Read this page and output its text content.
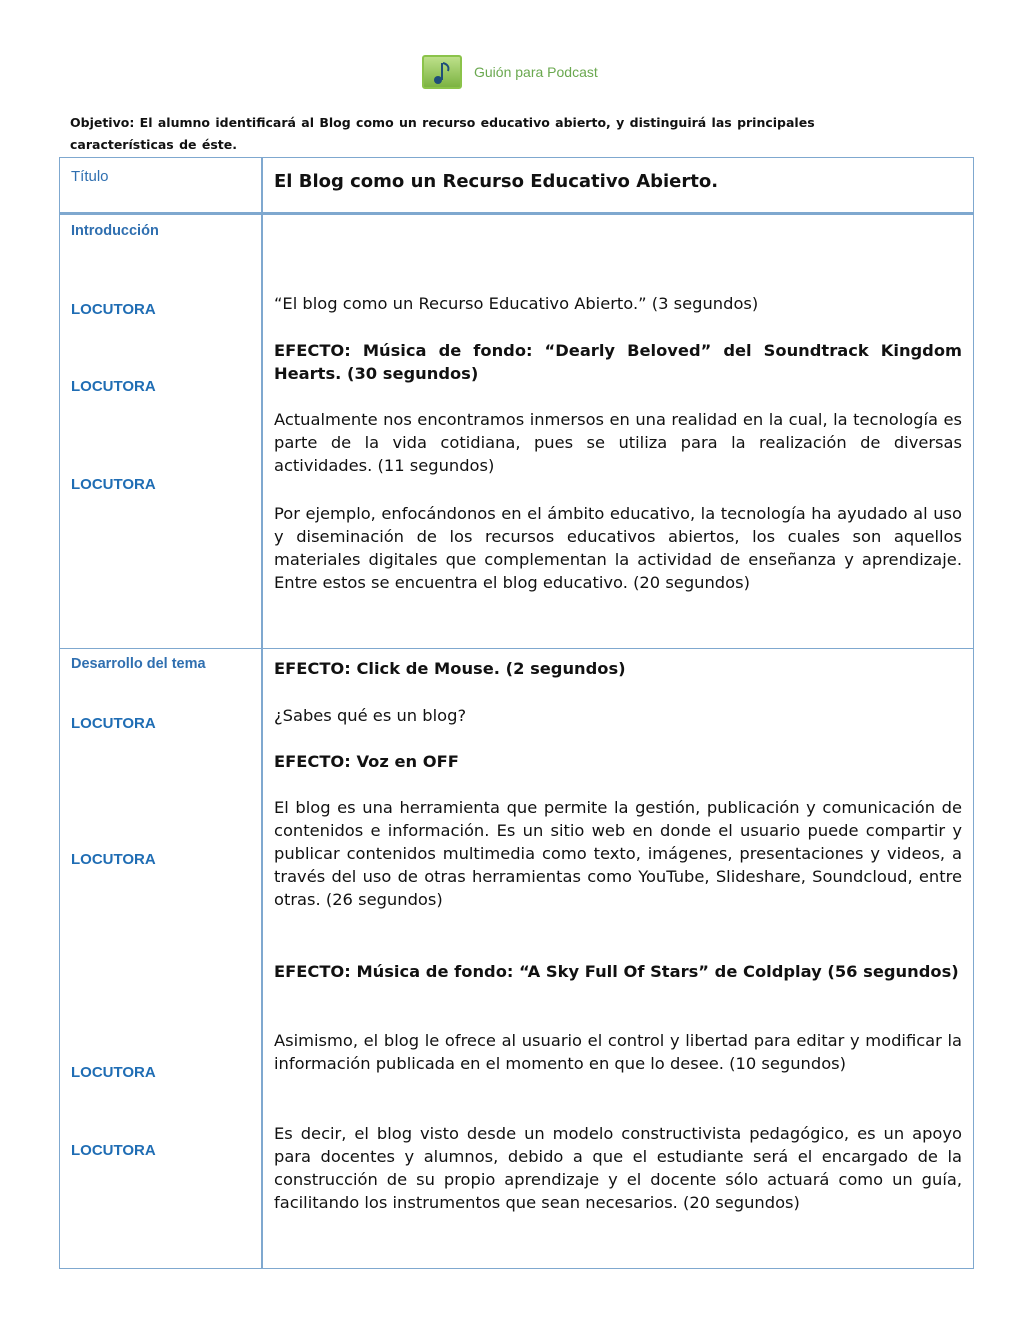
Guión para Podcast
Objetivo: El alumno identificará al Blog como un recurso educativo abierto, y distinguirá las principales características de éste.
Título	El Blog como un Recurso Educativo Abierto.
Introducción
LOCUTORA
LOCUTORA
LOCUTORA
“El blog como un Recurso Educativo Abierto.” (3 segundos)
EFECTO: Música de fondo: “Dearly Beloved” del Soundtrack Kingdom Hearts. (30 segundos)
Actualmente nos encontramos inmersos en una realidad en la cual, la tecnología es parte de la vida cotidiana, pues se utiliza para la realización de diversas actividades. (11 segundos)
Por ejemplo, enfocándonos en el ámbito educativo, la tecnología ha ayudado al uso y diseminación de los recursos educativos abiertos, los cuales son aquellos materiales digitales que complementan la actividad de enseñanza y aprendizaje. Entre estos se encuentra el blog educativo. (20 segundos)
Desarrollo del tema
LOCUTORA
LOCUTORA
LOCUTORA
LOCUTORA
EFECTO: Click de Mouse. (2 segundos)
¿Sabes qué es un blog?
EFECTO: Voz en OFF
El blog es una herramienta que permite la gestión, publicación y comunicación de contenidos e información. Es un sitio web en donde el usuario puede compartir y publicar contenidos multimedia como texto, imágenes, presentaciones y videos, a través del uso de otras herramientas como YouTube, Slideshare, Soundcloud, entre otras. (26 segundos)
EFECTO: Música de fondo: “A Sky Full Of Stars” de Coldplay (56 segundos)
Asimismo, el blog le ofrece al usuario el control y libertad para editar y modificar la información publicada en el momento en que lo desee. (10 segundos)
Es decir, el blog visto desde un modelo constructivista pedagógico, es un apoyo para docentes y alumnos, debido a que el estudiante será el encargado de la construcción de su propio aprendizaje y el docente sólo actuará como un guía, facilitando los instrumentos que sean necesarios. (20 segundos)
